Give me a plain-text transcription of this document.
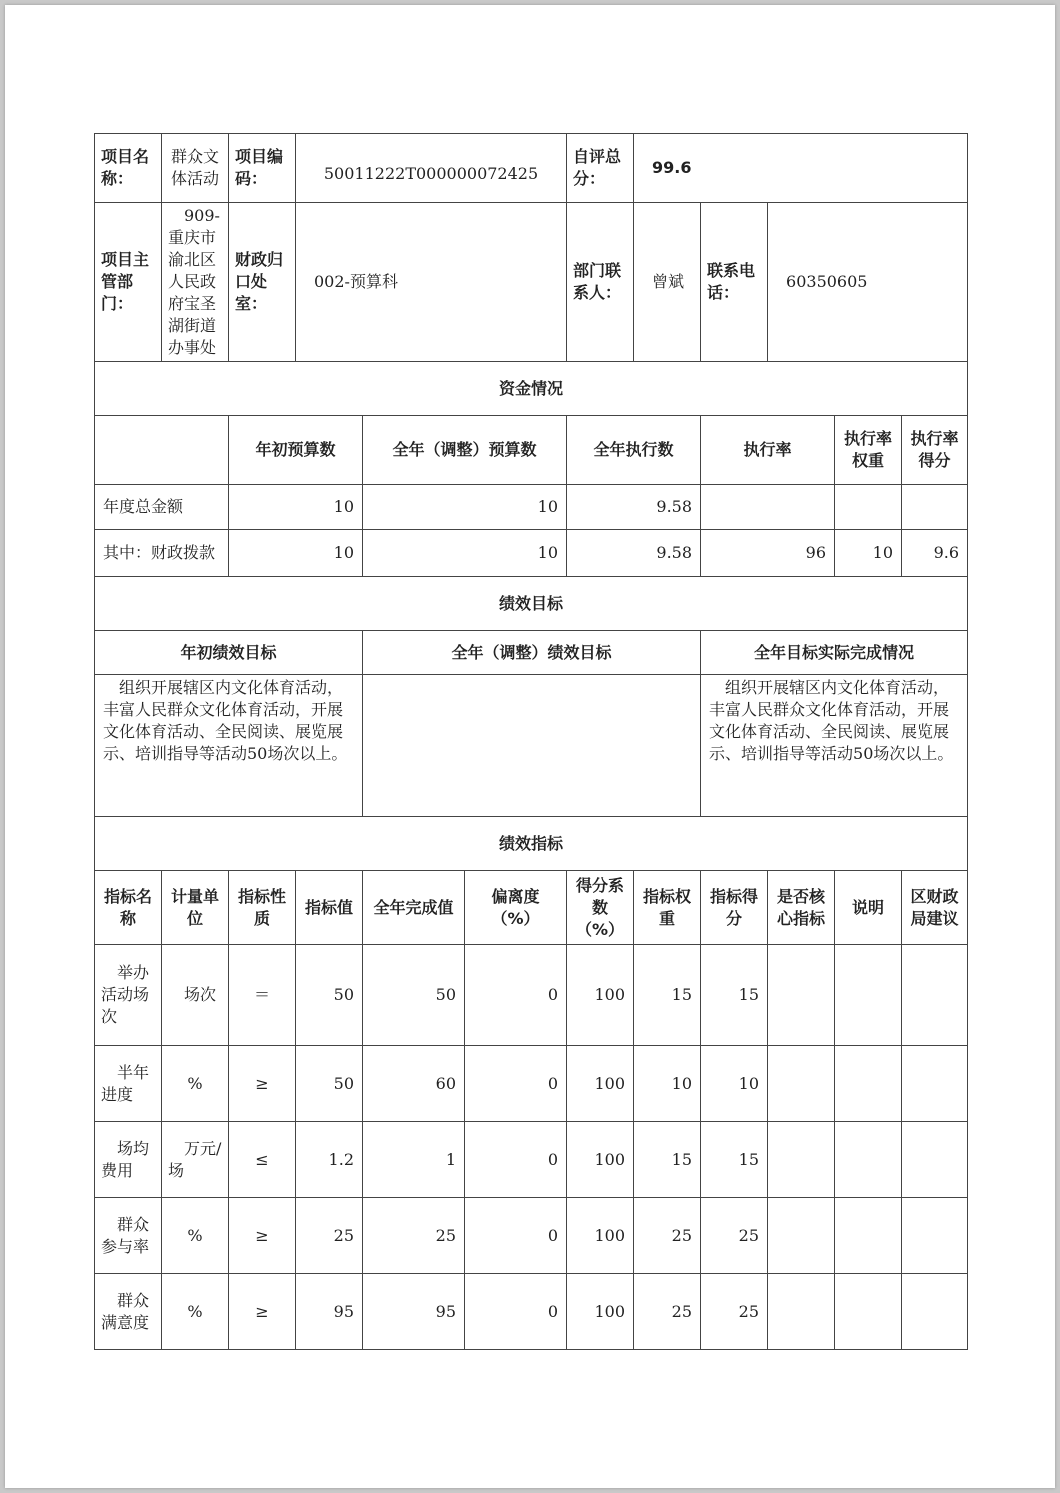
项目名称：	群众文体活动	项目编码：	50011222T000000072425			自评总分：	99.6				
项目主管部门：	909-重庆市渝北区人民政府宝圣湖街道办事处	财政归口处室：	002-预算科			部门联系人：	曾斌	联系电话：	60350605		
资金情况											
		年初预算数		全年（调整）预算数		全年执行数		执行率		执行率权重	执行率得分
年度总金额		10		10		9.58					
其中：财政拨款		10		10		9.58		96		10	9.6
绩效目标											
年初绩效目标				全年（调整）绩效目标				全年目标实际完成情况			
组织开展辖区内文化体育活动，丰富人民群众文化体育活动，开展文化体育活动、全民阅读、展览展示、培训指导等活动50场次以上。								组织开展辖区内文化体育活动，丰富人民群众文化体育活动，开展文化体育活动、全民阅读、展览展示、培训指导等活动50场次以上。			
绩效指标											
指标名称	计量单位	指标性质	指标值	全年完成值	偏离度（%）	得分系数（%）	指标权重	指标得分	是否核心指标	说明	区财政局建议
举办活动场次	场次	＝	50	50	0	100	15	15			
半年进度	%	≥	50	60	0	100	10	10			
场均费用	万元/场	≤	1.2	1	0	100	15	15			
群众参与率	%	≥	25	25	0	100	25	25			
群众满意度	%	≥	95	95	0	100	25	25			
